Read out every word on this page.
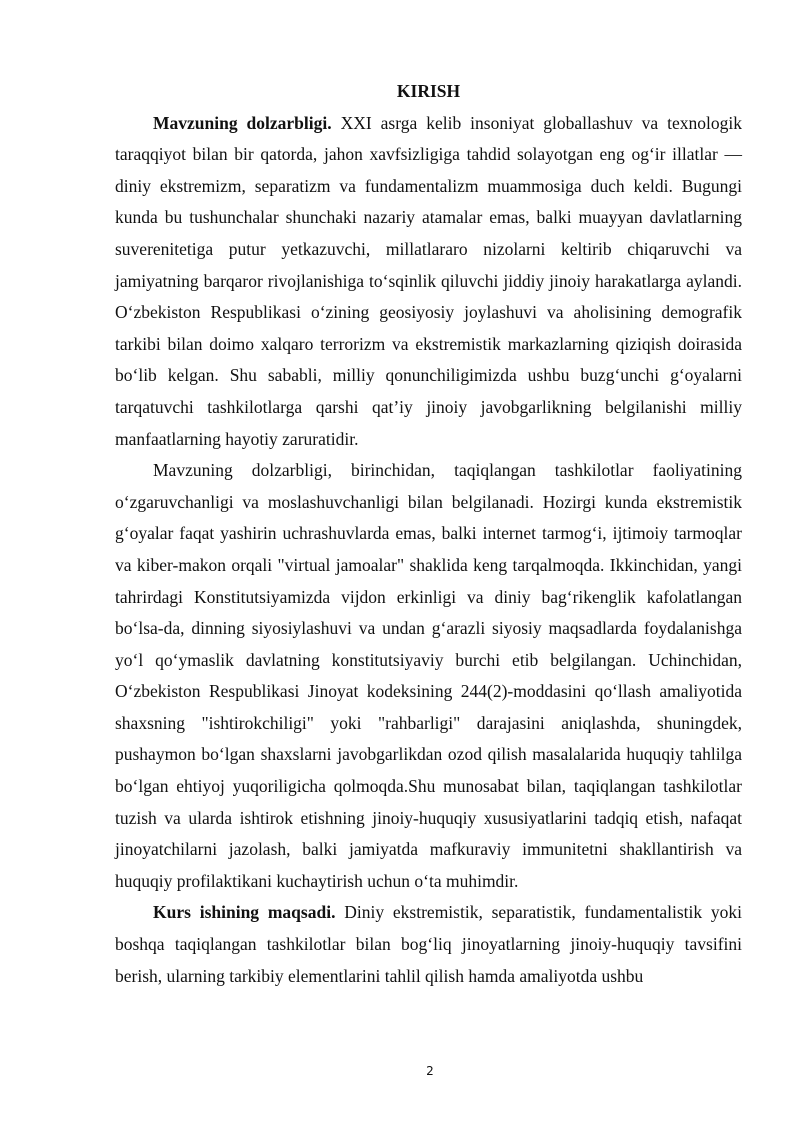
KIRISH

Mavzuning dolzarbligi. XXI asrga kelib insoniyat globallashuv va texnologik taraqqiyot bilan bir qatorda, jahon xavfsizligiga tahdid solayotgan eng og‘ir illatlar — diniy ekstremizm, separatizm va fundamentalizm muammosiga duch keldi. Bugungi kunda bu tushunchalar shunchaki nazariy atamalar emas, balki muayyan davlatlarning suverenitetiga putur yetkazuvchi, millatlararo nizolarni keltirib chiqaruvchi va jamiyatning barqaror rivojlanishiga to‘sqinlik qiluvchi jiddiy jinoiy harakatlarga aylandi. O‘zbekiston Respublikasi o‘zining geosiyosiy joylashuvi va aholisining demografik tarkibi bilan doimo xalqaro terrorizm va ekstremistik markazlarning qiziqish doirasida bo‘lib kelgan. Shu sababli, milliy qonunchiligimizda ushbu buzg‘unchi g‘oyalarni tarqatuvchi tashkilotlarga qarshi qat’iy jinoiy javobgarlikning belgilanishi milliy manfaatlarning hayotiy zaruratidir.

Mavzuning dolzarbligi, birinchidan, taqiqlangan tashkilotlar faoliyatining o‘zgaruvchanligi va moslashuvchanligi bilan belgilanadi. Hozirgi kunda ekstremistik g‘oyalar faqat yashirin uchrashuvlarda emas, balki internet tarmog‘i, ijtimoiy tarmoqlar va kiber-makon orqali "virtual jamoalar" shaklida keng tarqalmoqda. Ikkinchidan, yangi tahrirdagi Konstitutsiyamizda vijdon erkinligi va diniy bag‘rikenglik kafolatlangan bo‘lsa-da, dinning siyosiylashuvi va undan g‘arazli siyosiy maqsadlarda foydalanishga yo‘l qo‘ymaslik davlatning konstitutsiyaviy burchi etib belgilangan. Uchinchidan, O‘zbekiston Respublikasi Jinoyat kodeksining 244(2)-moddasini qo‘llash amaliyotida shaxsning "ishtirokchiligi" yoki "rahbarligi" darajasini aniqlashda, shuningdek, pushaymon bo‘lgan shaxslarni javobgarlikdan ozod qilish masalalarida huquqiy tahlilga bo‘lgan ehtiyoj yuqoriligicha qolmoqda.Shu munosabat bilan, taqiqlangan tashkilotlar tuzish va ularda ishtirok etishning jinoiy-huquqiy xususiyatlarini tadqiq etish, nafaqat jinoyatchilarni jazolash, balki jamiyatda mafkuraviy immunitetni shakllantirish va huquqiy profilaktikani kuchaytirish uchun o‘ta muhimdir.

Kurs ishining maqsadi. Diniy ekstremistik, separatistik, fundamentalistik yoki boshqa taqiqlangan tashkilotlar bilan bog‘liq jinoyatlarning jinoiy-huquqiy tavsifini berish, ularning tarkibiy elementlarini tahlil qilish hamda amaliyotda ushbu

2
